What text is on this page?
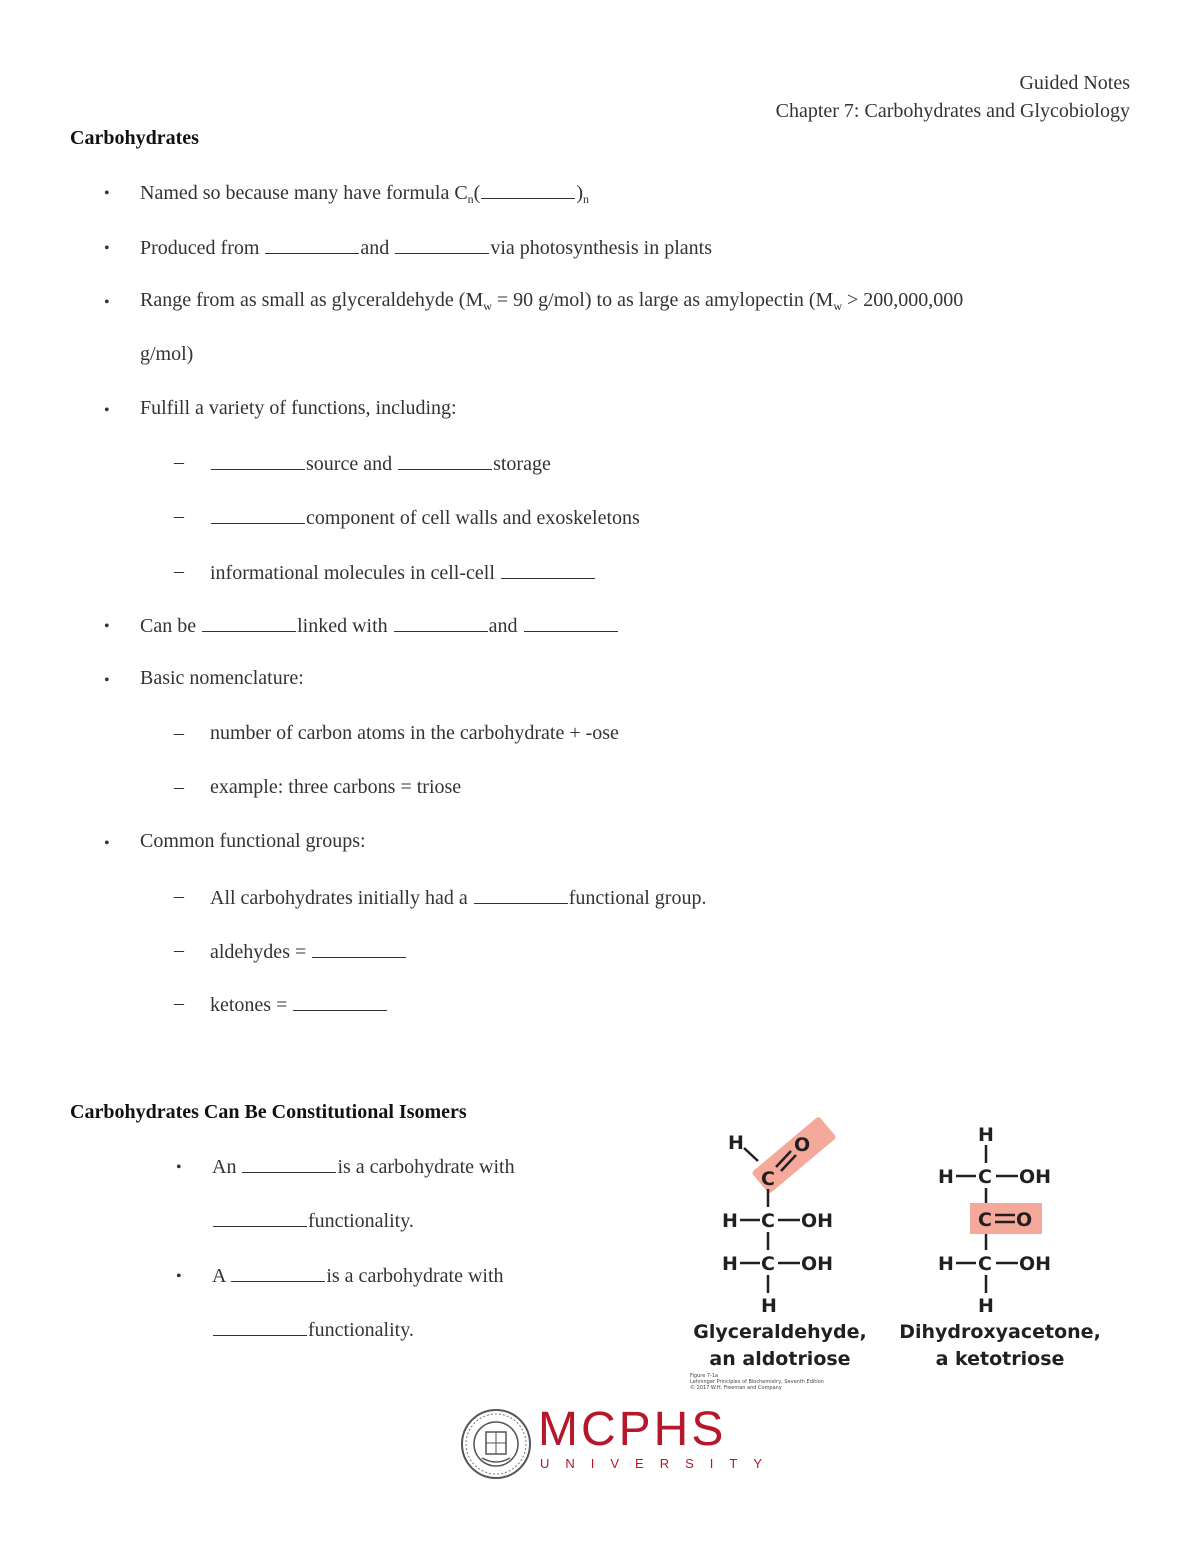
Guided Notes
Chapter 7: Carbohydrates and Glycobiology
Carbohydrates
• Named so because many have formula $C_n$(	)$_n$
• Produced from	and	via photosynthesis in plants
• Range from as small as glyceraldehyde ($M_w = 90$ g/mol) to as large as amylopectin ($M_w > 200,000,000$
g/mol)
• Fulfill a variety of functions, including:
–	source and	storage
–	component of cell walls and exoskeletons
– informational molecules in cell-cell
• Can be	linked with	and
• Basic nomenclature:
– number of carbon atoms in the carbohydrate + -ose
– example: three carbons = triose
• Common functional groups:
– All carbohydrates initially had a	functional group.
– aldehydes =
– ketones =
Carbohydrates Can Be Constitutional Isomers
• An	is a carbohydrate with
functionality.
• A	is a carbohydrate with
functionality.
H
C
O
H C OH
H C OH
H
H
H C OH
C O
H C OH
H
Glyceraldehyde,
an aldotriose
Dihydroxyacetone,
a ketotriose
Figure 7-1a
Lehninger Principles of Biochemistry, Seventh Edition
© 2017 W.H. Freeman and Company
MCPHS
UNIVERSITY
